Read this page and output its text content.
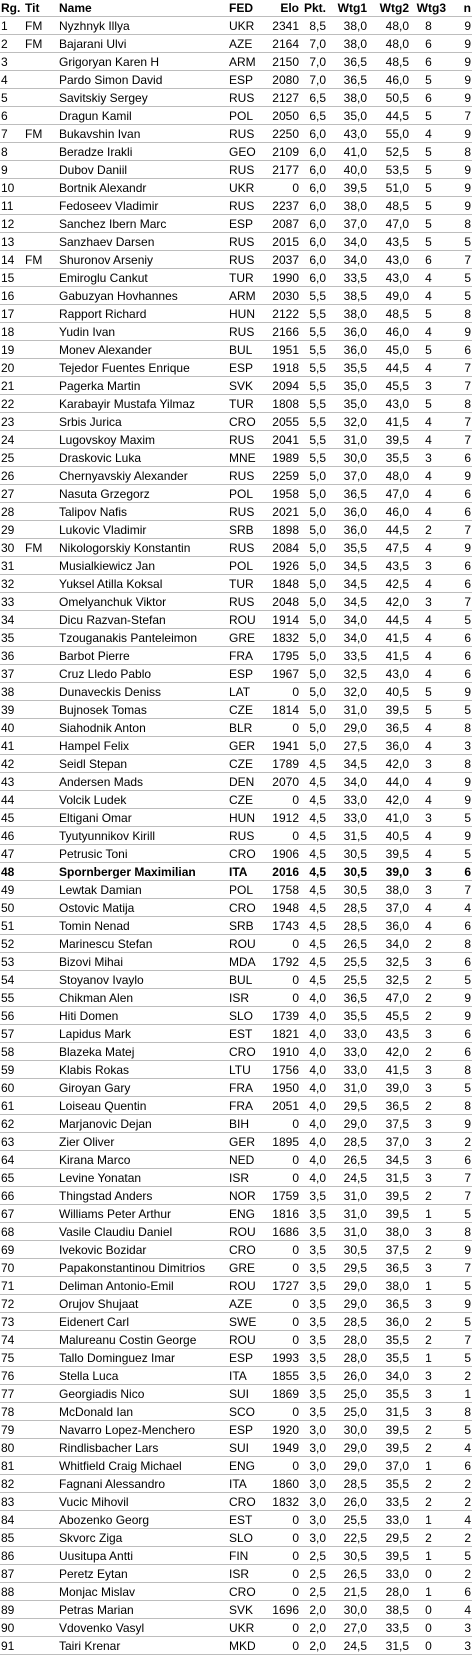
Rg.	Tit	Name	FED	Elo	Pkt.	Wtg1	Wtg2	Wtg3	n
1	FM	Nyzhnyk Illya	UKR	2341	8,5	38,0	48,0	8	9
2	FM	Bajarani Ulvi	AZE	2164	7,0	38,0	48,0	6	9
3		Grigoryan Karen H	ARM	2150	7,0	36,5	48,5	6	9
4		Pardo Simon David	ESP	2080	7,0	36,5	46,0	5	9
5		Savitskiy Sergey	RUS	2127	6,5	38,0	50,5	6	9
6		Dragun Kamil	POL	2050	6,5	35,0	44,5	5	7
7	FM	Bukavshin Ivan	RUS	2250	6,0	43,0	55,0	4	9
8		Beradze Irakli	GEO	2109	6,0	41,0	52,5	5	8
9		Dubov Daniil	RUS	2177	6,0	40,0	53,5	5	9
10		Bortnik Alexandr	UKR	0	6,0	39,5	51,0	5	9
11		Fedoseev Vladimir	RUS	2237	6,0	38,0	48,5	5	9
12		Sanchez Ibern Marc	ESP	2087	6,0	37,0	47,0	5	8
13		Sanzhaev Darsen	RUS	2015	6,0	34,0	43,5	5	5
14	FM	Shuronov Arseniy	RUS	2037	6,0	34,0	43,0	6	7
15		Emiroglu Cankut	TUR	1990	6,0	33,5	43,0	4	5
16		Gabuzyan Hovhannes	ARM	2030	5,5	38,5	49,0	4	5
17		Rapport Richard	HUN	2122	5,5	38,0	48,5	5	8
18		Yudin Ivan	RUS	2166	5,5	36,0	46,0	4	9
19		Monev Alexander	BUL	1951	5,5	36,0	45,0	5	6
20		Tejedor Fuentes Enrique	ESP	1918	5,5	35,5	44,5	4	7
21		Pagerka Martin	SVK	2094	5,5	35,0	45,5	3	7
22		Karabayir Mustafa Yilmaz	TUR	1808	5,5	35,0	43,0	5	8
23		Srbis Jurica	CRO	2055	5,5	32,0	41,5	4	7
24		Lugovskoy Maxim	RUS	2041	5,5	31,0	39,5	4	7
25		Draskovic Luka	MNE	1989	5,5	30,0	35,5	3	6
26		Chernyavskiy Alexander	RUS	2259	5,0	37,0	48,0	4	9
27		Nasuta Grzegorz	POL	1958	5,0	36,5	47,0	4	6
28		Talipov Nafis	RUS	2021	5,0	36,0	46,0	4	6
29		Lukovic Vladimir	SRB	1898	5,0	36,0	44,5	2	7
30	FM	Nikologorskiy Konstantin	RUS	2084	5,0	35,5	47,5	4	9
31		Musialkiewicz Jan	POL	1926	5,0	34,5	43,5	3	6
32		Yuksel Atilla Koksal	TUR	1848	5,0	34,5	42,5	4	6
33		Omelyanchuk Viktor	RUS	2048	5,0	34,5	42,0	3	7
34		Dicu Razvan-Stefan	ROU	1914	5,0	34,0	44,5	4	5
35		Tzouganakis Panteleimon	GRE	1832	5,0	34,0	41,5	4	6
36		Barbot Pierre	FRA	1795	5,0	33,5	41,5	4	6
37		Cruz Lledo Pablo	ESP	1967	5,0	32,5	43,0	4	6
38		Dunaveckis Deniss	LAT	0	5,0	32,0	40,5	5	9
39		Bujnosek Tomas	CZE	1814	5,0	31,0	39,5	5	5
40		Siahodnik Anton	BLR	0	5,0	29,0	36,5	4	8
41		Hampel Felix	GER	1941	5,0	27,5	36,0	4	3
42		Seidl Stepan	CZE	1789	4,5	34,5	42,0	3	8
43		Andersen Mads	DEN	2070	4,5	34,0	44,0	4	9
44		Volcik Ludek	CZE	0	4,5	33,0	42,0	4	9
45		Eltigani Omar	HUN	1912	4,5	33,0	41,0	3	5
46		Tyutyunnikov Kirill	RUS	0	4,5	31,5	40,5	4	9
47		Petrusic Toni	CRO	1906	4,5	30,5	39,5	4	5
48		Spornberger Maximilian	ITA	2016	4,5	30,5	39,0	3	6
49		Lewtak Damian	POL	1758	4,5	30,5	38,0	3	7
50		Ostovic Matija	CRO	1948	4,5	28,5	37,0	4	4
51		Tomin Nenad	SRB	1743	4,5	28,5	36,0	4	6
52		Marinescu Stefan	ROU	0	4,5	26,5	34,0	2	8
53		Bizovi Mihai	MDA	1792	4,5	25,5	32,5	3	6
54		Stoyanov Ivaylo	BUL	0	4,5	25,5	32,5	2	5
55		Chikman Alen	ISR	0	4,0	36,5	47,0	2	9
56		Hiti Domen	SLO	1739	4,0	35,5	45,5	2	9
57		Lapidus Mark	EST	1821	4,0	33,0	43,5	3	6
58		Blazeka Matej	CRO	1910	4,0	33,0	42,0	2	6
59		Klabis Rokas	LTU	1756	4,0	33,0	41,5	3	8
60		Giroyan Gary	FRA	1950	4,0	31,0	39,0	3	5
61		Loiseau Quentin	FRA	2051	4,0	29,5	36,5	2	8
62		Marjanovic Dejan	BIH	0	4,0	29,0	37,5	3	9
63		Zier Oliver	GER	1895	4,0	28,5	37,0	3	2
64		Kirana Marco	NED	0	4,0	26,5	34,5	3	6
65		Levine Yonatan	ISR	0	4,0	24,5	31,5	3	7
66		Thingstad Anders	NOR	1759	3,5	31,0	39,5	2	7
67		Williams Peter Arthur	ENG	1816	3,5	31,0	39,5	1	5
68		Vasile Claudiu Daniel	ROU	1686	3,5	31,0	38,0	3	8
69		Ivekovic Bozidar	CRO	0	3,5	30,5	37,5	2	9
70		Papakonstantinou Dimitrios	GRE	0	3,5	29,5	36,5	3	7
71		Deliman Antonio-Emil	ROU	1727	3,5	29,0	38,0	1	5
72		Orujov Shujaat	AZE	0	3,5	29,0	36,5	3	9
73		Eidenert Carl	SWE	0	3,5	28,5	36,0	2	5
74		Malureanu Costin George	ROU	0	3,5	28,0	35,5	2	7
75		Tallo Dominguez Imar	ESP	1993	3,5	28,0	35,5	1	5
76		Stella Luca	ITA	1855	3,5	26,0	34,0	3	2
77		Georgiadis Nico	SUI	1869	3,5	25,0	35,5	3	1
78		McDonald Ian	SCO	0	3,5	25,0	31,5	3	8
79		Navarro Lopez-Menchero	ESP	1920	3,0	30,0	39,5	2	5
80		Rindlisbacher Lars	SUI	1949	3,0	29,0	39,5	2	4
81		Whitfield Craig Michael	ENG	0	3,0	29,0	37,0	1	6
82		Fagnani Alessandro	ITA	1860	3,0	28,5	35,5	2	2
83		Vucic Mihovil	CRO	1832	3,0	26,0	33,5	2	2
84		Abozenko Georg	EST	0	3,0	25,5	33,0	1	4
85		Skvorc Ziga	SLO	0	3,0	22,5	29,5	2	2
86		Uusitupa Antti	FIN	0	2,5	30,5	39,5	1	5
87		Peretz Eytan	ISR	0	2,5	26,5	33,0	0	2
88		Monjac Mislav	CRO	0	2,5	21,5	28,0	1	6
89		Petras Marian	SVK	1696	2,0	30,0	38,5	0	4
90		Vdovenko Vasyl	UKR	0	2,0	27,0	33,5	0	3
91		Tairi Krenar	MKD	0	2,0	24,5	31,5	0	3
